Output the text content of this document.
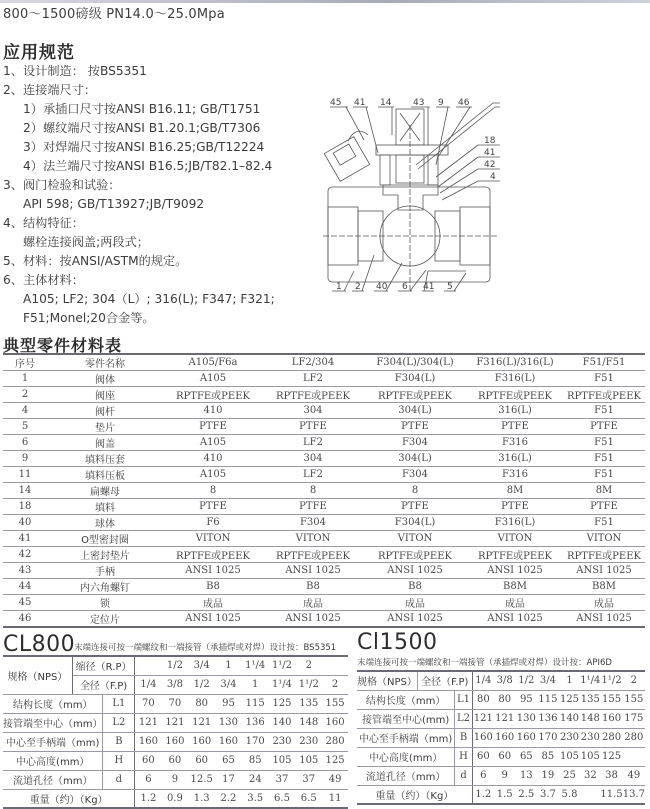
800～1500磅级 PN14.0～25.0Mpa
应用规范
1、设计制造： 按BS5351
2、连接端尺寸：
1）承插口尺寸按ANSI B16.11; GB/T1751
2）螺纹端尺寸按ANSI B1.20.1;GB/T7306
3）对焊端尺寸按ANSI B16.25;GB/T12224
4）法兰端尺寸按ANSI B16.5;JB/T82.1–82.4
3、阀门检验和试验：
API 598; GB/T13927;JB/T9092
4、结构特征：
螺栓连接阀盖;两段式；
5、材料：按ANSI/ASTM的规定。
6、主体材料：
A105; LF2; 304（L）; 316(L); F347; F321;
F51;Monel;20合金等。
45 41 14 43 9 46
18
41
42
4
1 2 40 6 41 5
典型零件材料表
序号	零件名称	A105/F6a	LF2/304	F304(L)/304(L)	F316(L)/316(L)	F51/F51
1	阀体	A105	LF2	F304(L)	F316(L)	F51
2	阀座	RPTFE或PEEK	RPTFE或PEEK	RPTFE或PEEK	RPTFE或PEEK	RPTFE或PEEK
4	阀杆	410	304	304(L)	316(L)	F51
5	垫片	PTFE	PTFE	PTFE	PTFE	PTFE
6	阀盖	A105	LF2	F304	F316	F51
9	填料压套	410	304	304(L)	316(L)	F51
11	填料压板	A105	LF2	F304	F316	F51
14	扁螺母	8	8	8	8M	8M
18	填料	PTFE	PTFE	PTFE	PTFE	PTFE
40	球体	F6	F304	F304(L)	F316(L)	F51
41	O型密封圈	VITON	VITON	VITON	VITON	VITON
42	上密封垫片	RPTFE或PEEK	RPTFE或PEEK	RPTFE或PEEK	RPTFE或PEEK	RPTFE或PEEK
43	手柄	ANSI 1025	ANSI 1025	ANSI 1025	ANSI 1025	ANSI 1025
44	内六角螺钉	B8	B8	B8	B8M	B8M
45	锁	成品	成品	成品	成品	成品
46	定位片	ANSI 1025	ANSI 1025	ANSI 1025	ANSI 1025	ANSI 1025
CL800
末端连接可按一端螺纹和一端接管（承插焊或对焊）设计按：BS5351
规格（NPS）	缩径（R.P）			1/2	3/4	1	1¹/4	1¹/2	2	
	全径（F.P)		1/4	3/8	1/2	3/4	1	1¹/4	1¹/2	2
结构长度（mm）		L1	70	70	80	95	115	125	135	155
接管端至中心（mm）		L2	121	121	121	130	136	140	148	160
中心至手柄端（mm)		B	160	160	160	160	170	230	230	280
中心高度(mm）		H	60	60	60	65	85	105	105	125
流道孔径（mm）		d	6	9	12.5	17	24	37	37	49
重量（约）（Kg）			1.2	0.9	1.3	2.2	3.5	6.5	6.5	11
Cl1500
末端连接可按一端螺纹和一端接管（承插焊或对焊）设计按：API6D
规格（NPS）	全径（F.P)		1/4	3/8	1/2	3/4	1	1¹/4	1¹/2	2
结构长度（mm）		L1	80	80	95	115	125	135	155	155
接管端至中心(mm)		L2	121	121	130	136	140	148	160	175
中心至手柄端（mm)		B	160	160	160	170	230	230	280	280
中心高度(mm）		H	60	60	65	85	105	105	125	
流道孔径（mm）		d	6	9	13	19	25	32	38	49
重量（约）（Kg）			1.2	1.5	2.5	3.7	5.8		11.5	13.7
